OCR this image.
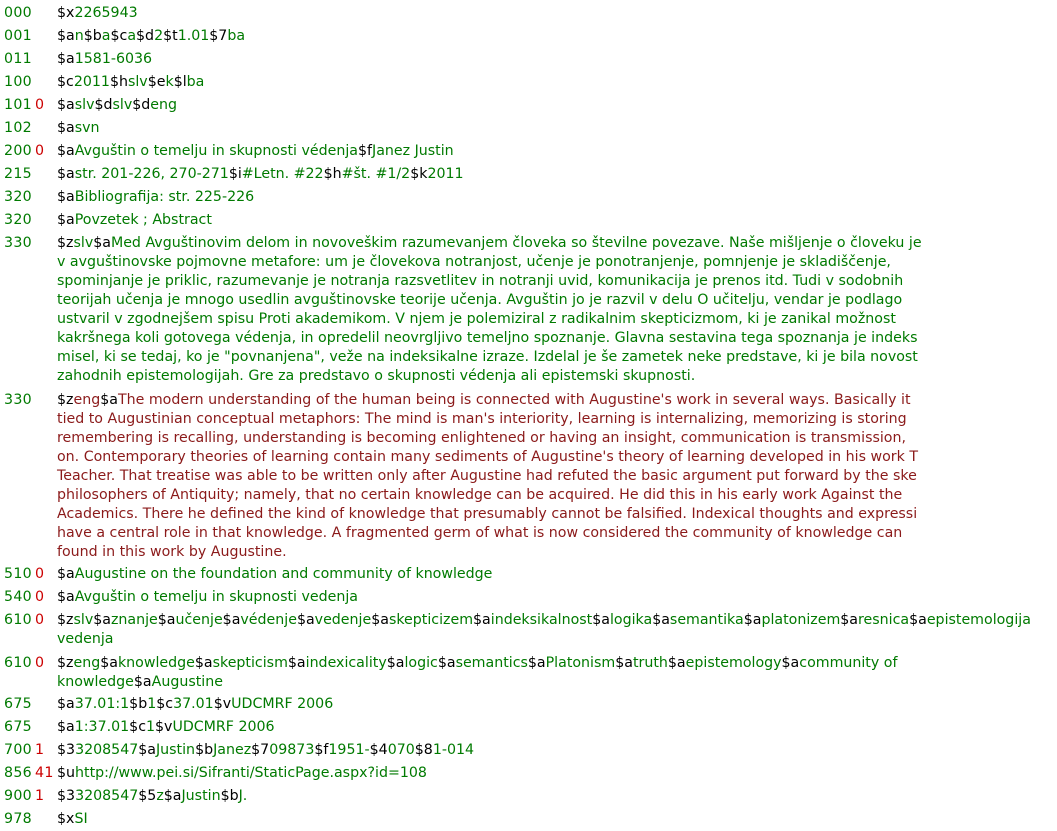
000 $x2265943
001 $an$ba$ca$d2$t1.01$7ba
011 $a1581-6036
100 $c2011$hslv$ek$lba
101 0 $aslv$dslv$deng
102 $asvn
200 0 $aAvguštin o temelju in skupnosti védenja$fJanez Justin
215 $astr. 201-226, 270-271$i#Letn. #22$h#št. #1/2$k2011
320 $aBibliografija: str. 225-226
320 $aPovzetek ; Abstract
330 $zslv$aMed Avguštinovim delom in novoveškim razumevanjem človeka so številne povezave. Naše mišljenje o človeku je
v avguštinovske pojmovne metafore: um je človekova notranjost, učenje je ponotranjenje, pomnjenje je skladiščenje,
spominjanje je priklic, razumevanje je notranja razsvetlitev in notranji uvid, komunikacija je prenos itd. Tudi v sodobnih
teorijah učenja je mnogo usedlin avguštinovske teorije učenja. Avguštin jo je razvil v delu O učitelju, vendar je podlago
ustvaril v zgodnejšem spisu Proti akademikom. V njem je polemiziral z radikalnim skepticizmom, ki je zanikal možnost
kakršnega koli gotovega védenja, in opredelil neovrgljivo temeljno spoznanje. Glavna sestavina tega spoznanja je indeks
misel, ki se tedaj, ko je "povnanjena", veže na indeksikalne izraze. Izdelal je še zametek neke predstave, ki je bila novost
zahodnih epistemologijah. Gre za predstavo o skupnosti védenja ali epistemski skupnosti.
330 $zeng$aThe modern understanding of the human being is connected with Augustine's work in several ways. Basically it
tied to Augustinian conceptual metaphors: The mind is man's interiority, learning is internalizing, memorizing is storing
remembering is recalling, understanding is becoming enlightened or having an insight, communication is transmission,
on. Contemporary theories of learning contain many sediments of Augustine's theory of learning developed in his work T
Teacher. That treatise was able to be written only after Augustine had refuted the basic argument put forward by the ske
philosophers of Antiquity; namely, that no certain knowledge can be acquired. He did this in his early work Against the
Academics. There he defined the kind of knowledge that presumably cannot be falsified. Indexical thoughts and expressi
have a central role in that knowledge. A fragmented germ of what is now considered the community of knowledge can
found in this work by Augustine.
510 0 $aAugustine on the foundation and community of knowledge
540 0 $aAvguštin o temelju in skupnosti vedenja
610 0 $zslv$aznanje$aučenje$avédenje$avedenje$askepticizem$aindeksikalnost$alogika$asemantika$aplatonizem$aresnica$aepistemologija
vedenja
610 0 $zeng$aknowledge$askepticism$aindexicality$alogic$asemantics$aPlatonism$atruth$aepistemology$acommunity of
knowledge$aAugustine
675 $a37.01:1$b1$c37.01$vUDCMRF 2006
675 $a1:37.01$c1$vUDCMRF 2006
700 1 $33208547$aJustin$bJanez$709873$f1951-$4070$81-014
856 41 $uhttp://www.pei.si/Sifranti/StaticPage.aspx?id=108
900 1 $33208547$5z$aJustin$bJ.
978 $xSI
